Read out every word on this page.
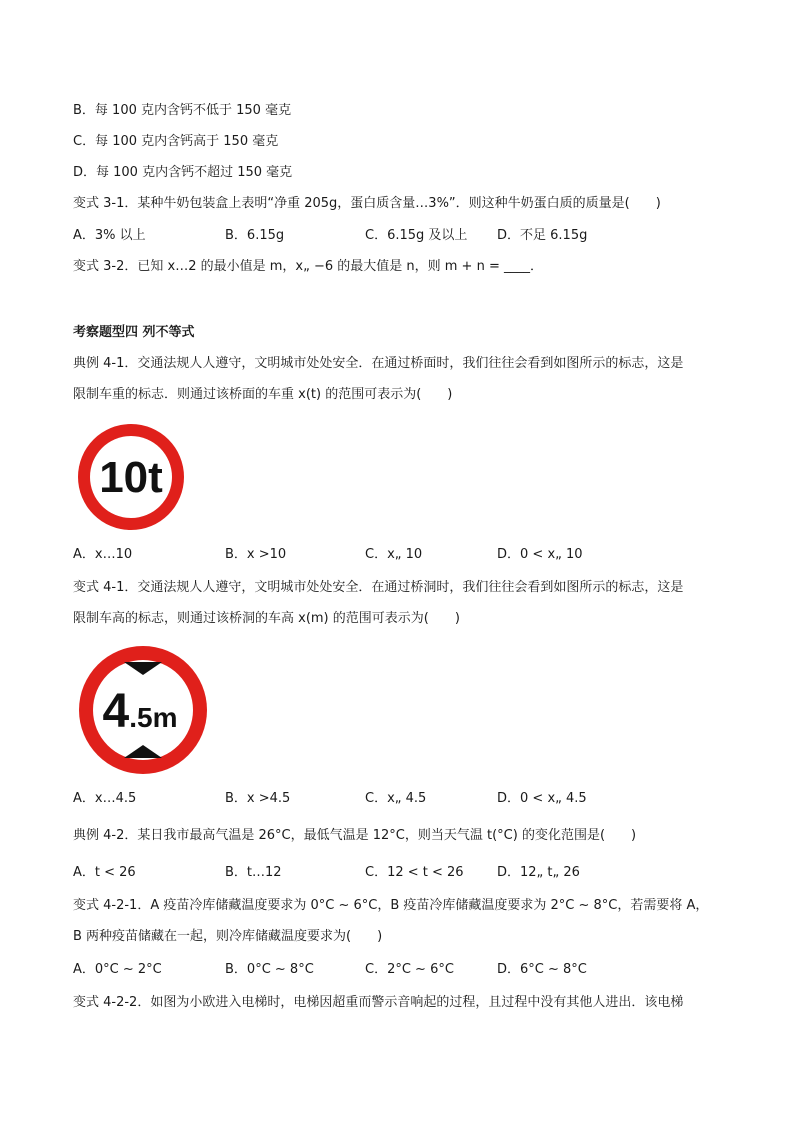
B．每 100 克内含钙不低于 150 毫克
C．每 100 克内含钙高于 150 毫克
D．每 100 克内含钙不超过 150 毫克
变式 3-1．某种牛奶包装盒上表明“净重 205g，蛋白质含量…3%”．则这种牛奶蛋白质的质量是(　　)
A．3% 以上	B．6.15g	C．6.15g 及以上 D．不足 6.15g
变式 3-2．已知 x…2 的最小值是 m，x„ −6 的最大值是 n，则 m + n = ____．
考察题型四 列不等式
典例 4-1．交通法规人人遵守，文明城市处处安全．在通过桥面时，我们往往会看到如图所示的标志，这是
限制车重的标志．则通过该桥面的车重 x(t) 的范围可表示为(　　)
10t
A．x…10	B．x >10	C．x„ 10	D．0 < x„ 10
变式 4-1．交通法规人人遵守，文明城市处处安全．在通过桥洞时，我们往往会看到如图所示的标志，这是
限制车高的标志，则通过该桥洞的车高 x(m) 的范围可表示为(　　)
4.5m
A．x…4.5	B．x >4.5	C．x„ 4.5	D．0 < x„ 4.5
典例 4-2．某日我市最高气温是 26°C，最低气温是 12°C，则当天气温 t(°C) 的变化范围是(　　)
A．t < 26	B．t…12	C．12 < t < 26	D．12„ t„ 26
变式 4-2-1．A 疫苗冷库储藏温度要求为 0°C ~ 6°C，B 疫苗冷库储藏温度要求为 2°C ~ 8°C，若需要将 A，
B 两种疫苗储藏在一起，则冷库储藏温度要求为(　　)
A．0°C ~ 2°C	B．0°C ~ 8°C	C．2°C ~ 6°C	D．6°C ~ 8°C
变式 4-2-2．如图为小欧进入电梯时，电梯因超重而警示音响起的过程，且过程中没有其他人进出．该电梯
